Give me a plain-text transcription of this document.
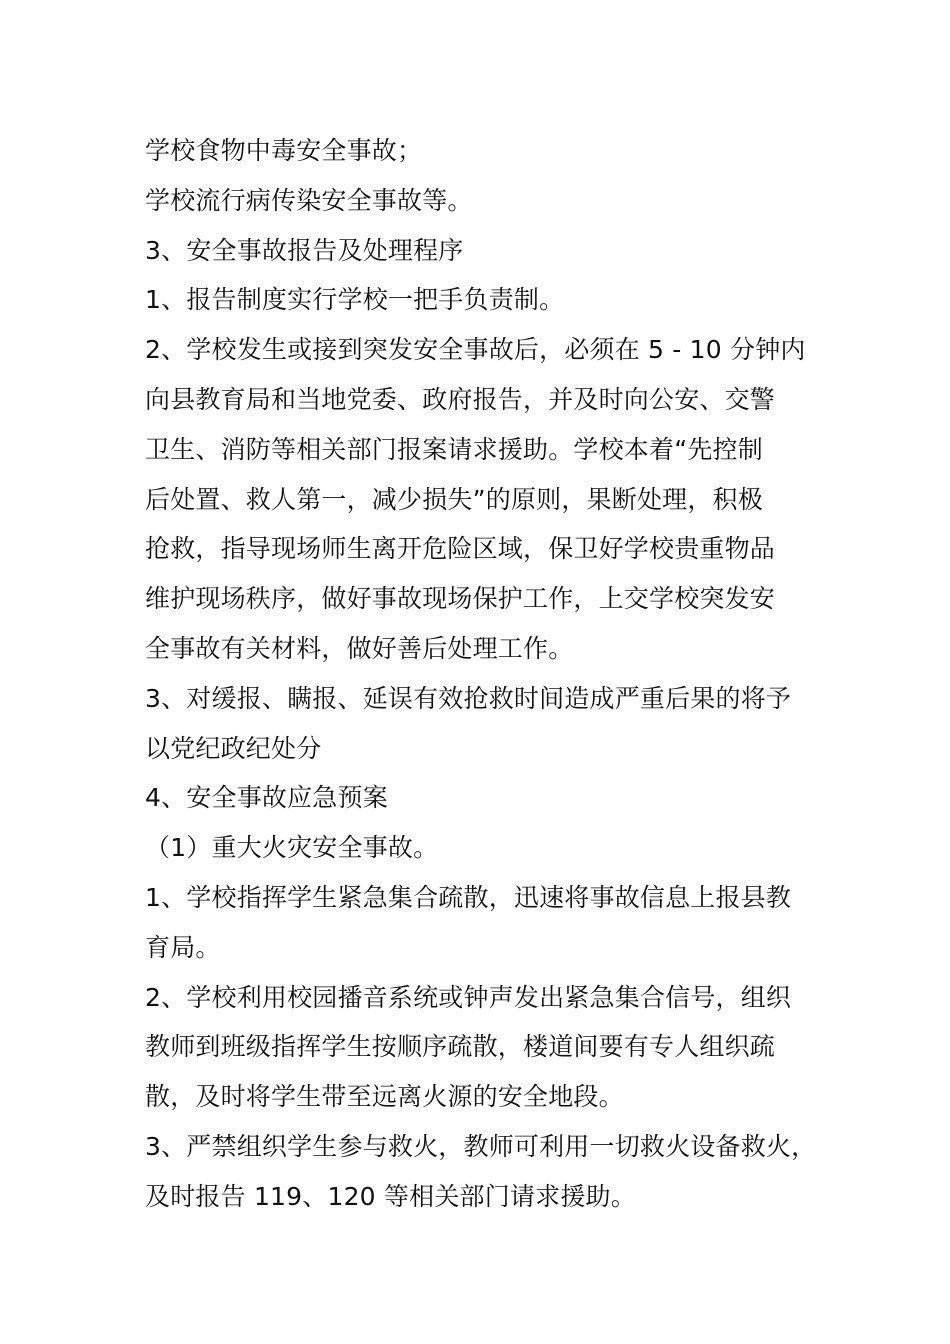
学校食物中毒安全事故；
学校流行病传染安全事故等。
3、安全事故报告及处理程序
1、报告制度实行学校一把手负责制。
2、学校发生或接到突发安全事故后，必须在 5 - 10 分钟内
向县教育局和当地党委、政府报告，并及时向公安、交警
卫生、消防等相关部门报案请求援助。学校本着“先控制
后处置、救人第一，减少损失”的原则，果断处理，积极
抢救，指导现场师生离开危险区域，保卫好学校贵重物品
维护现场秩序，做好事故现场保护工作，上交学校突发安
全事故有关材料，做好善后处理工作。
3、对缓报、瞒报、延误有效抢救时间造成严重后果的将予
以党纪政纪处分
4、安全事故应急预案
（1）重大火灾安全事故。
1、学校指挥学生紧急集合疏散，迅速将事故信息上报县教
育局。
2、学校利用校园播音系统或钟声发出紧急集合信号，组织
教师到班级指挥学生按顺序疏散，楼道间要有专人组织疏
散，及时将学生带至远离火源的安全地段。
3、严禁组织学生参与救火，教师可利用一切救火设备救火，
及时报告 119、120 等相关部门请求援助。
